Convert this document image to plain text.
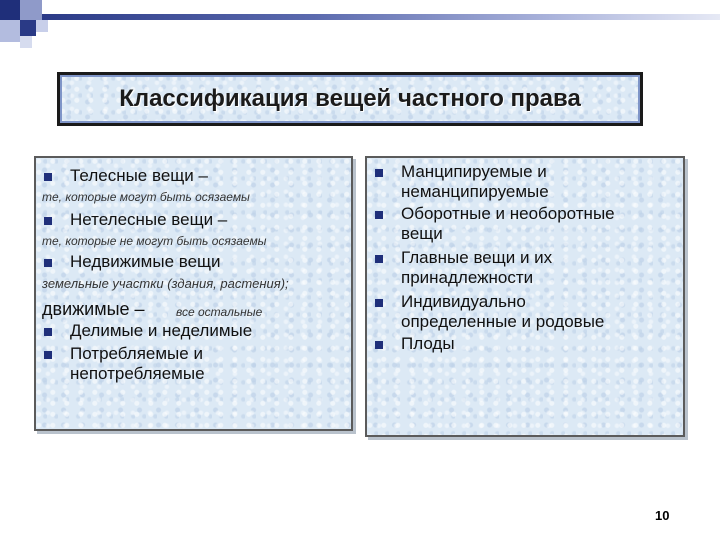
Классификация вещей частного права
Телесные вещи –
те, которые могут быть осязаемы
Нетелесные вещи –
те, которые не могут быть осязаемы
Недвижимые вещи
земельные участки (здания, растения);
движимые –	все остальные
Делимые и неделимые
Потребляемые и
непотребляемые
Манципируемые и
неманципируемые
Оборотные и необоротные
вещи
Главные вещи и их
принадлежности
Индивидуально
определенные и родовые
Плоды
10
